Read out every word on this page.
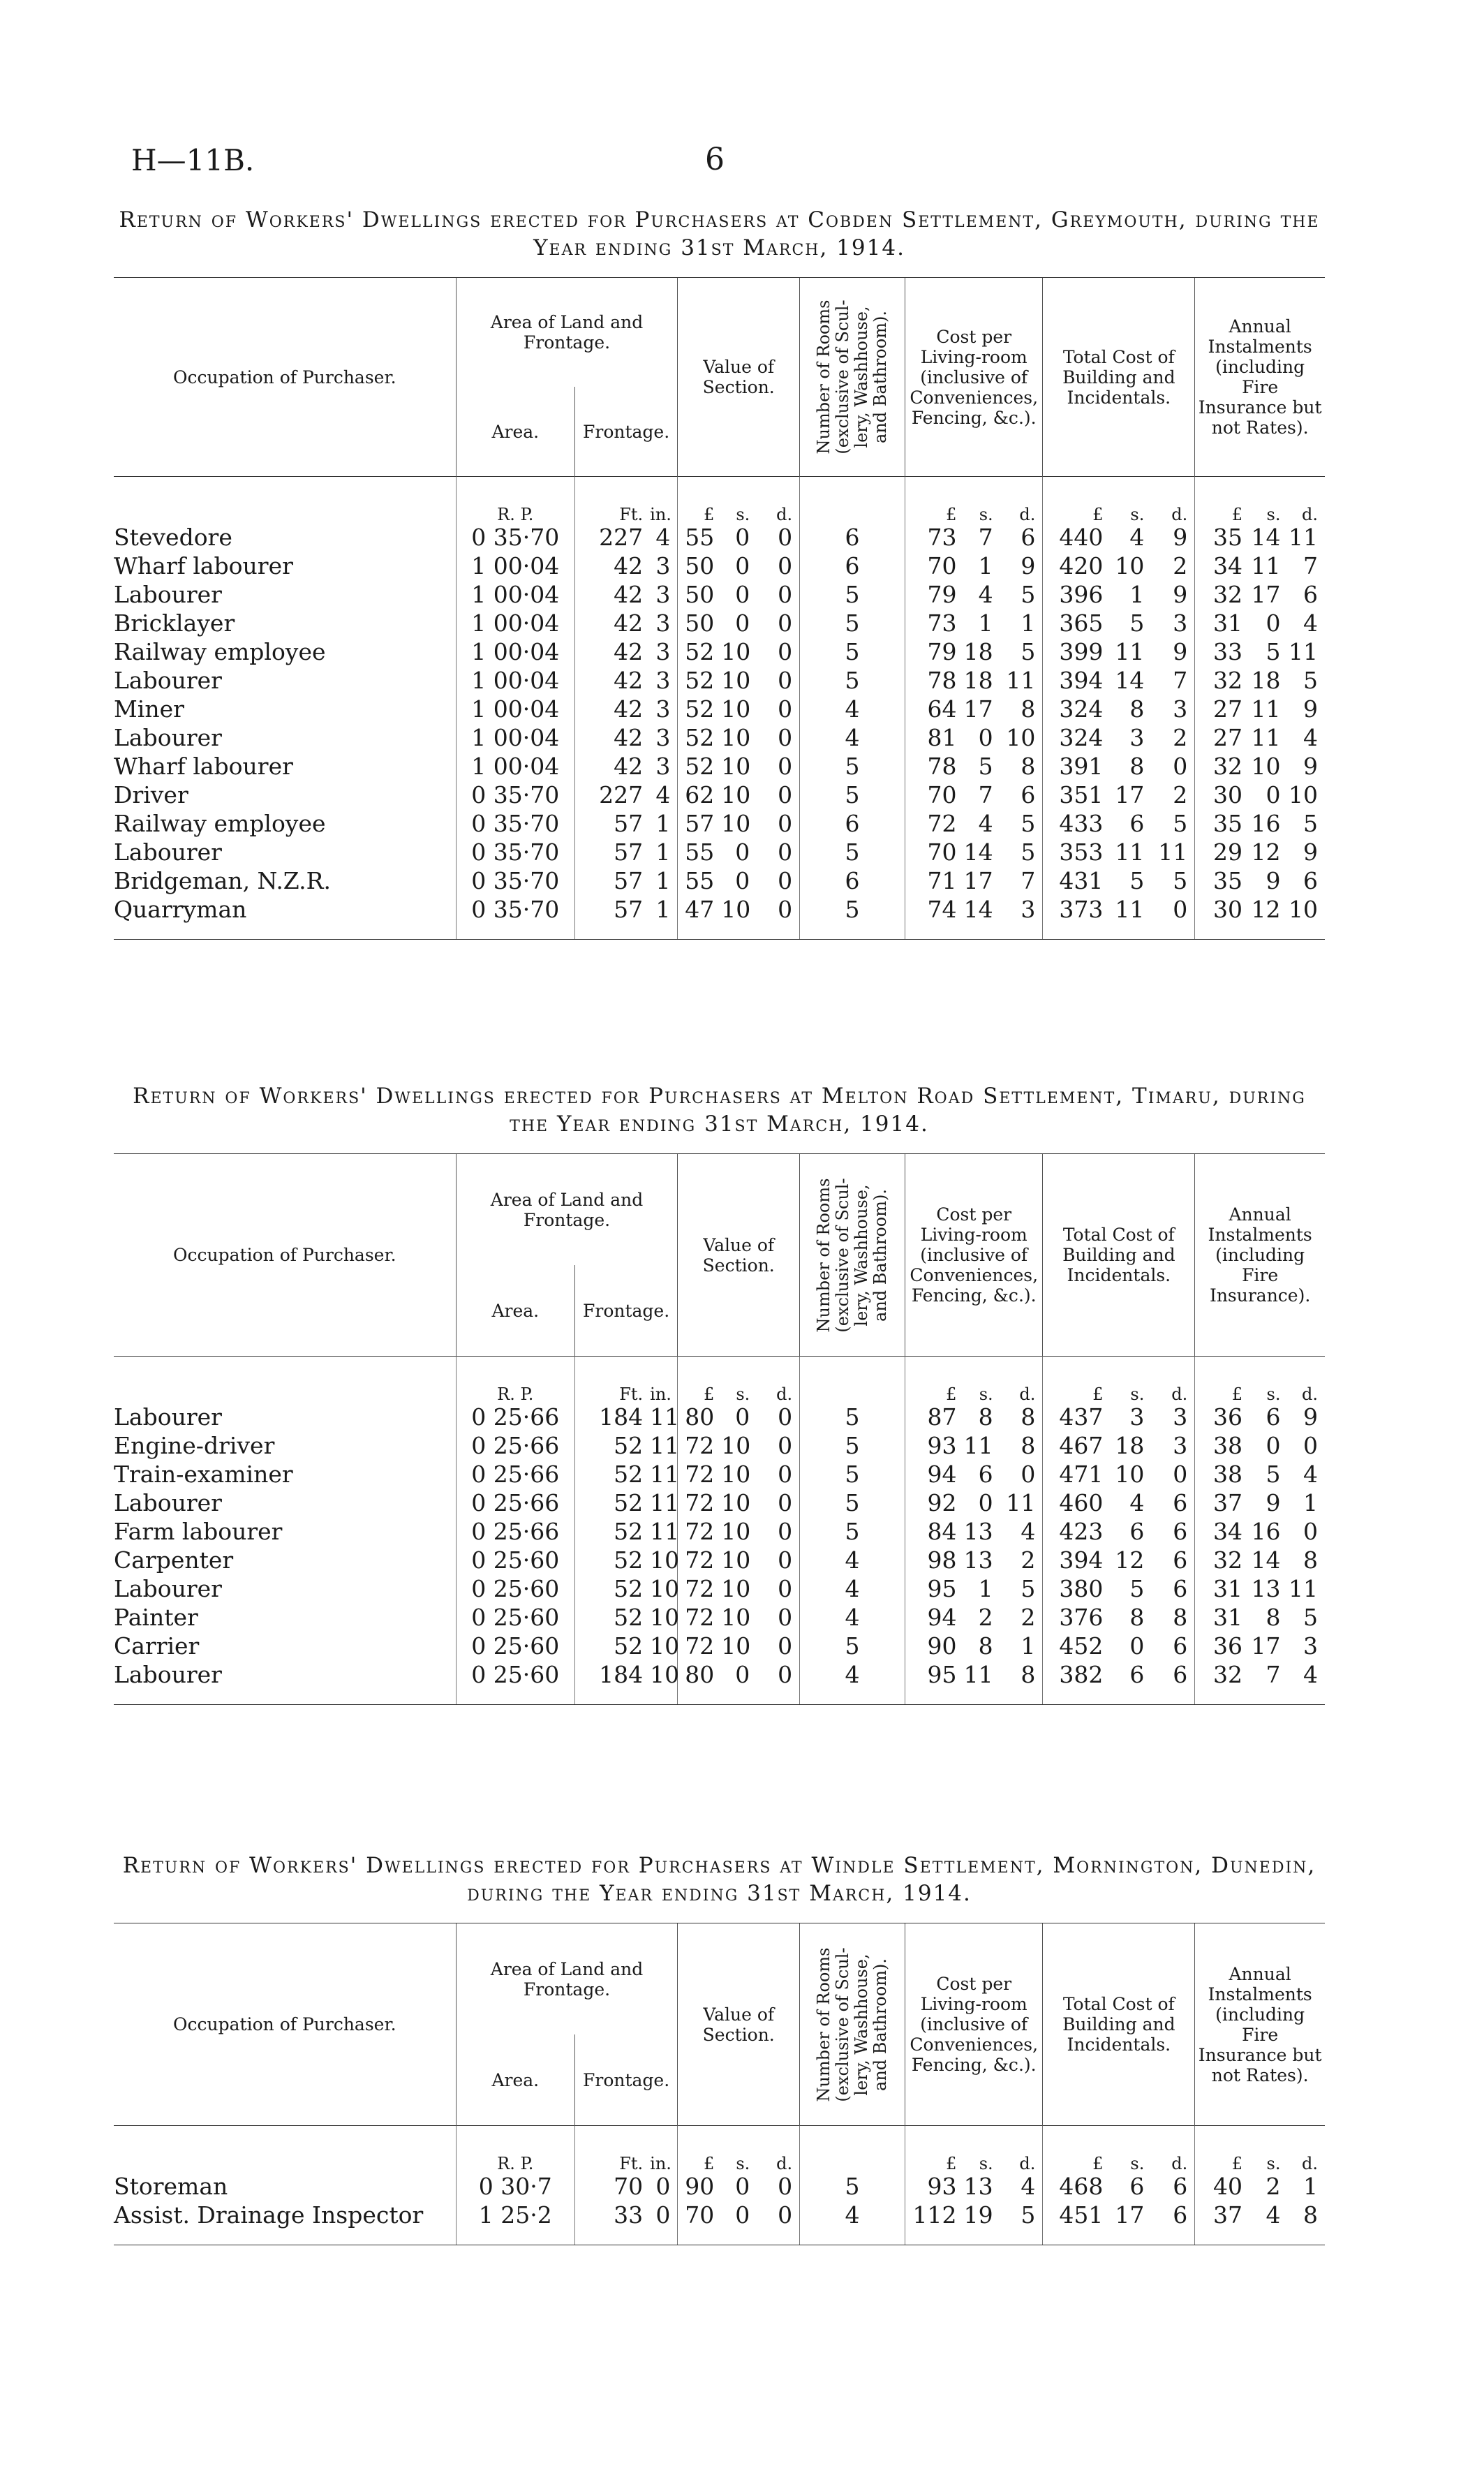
H—11B.	6
Return of Workers' Dwellings erected for Purchasers at Cobden Settlement, Greymouth, during the Year ending 31st March, 1914.
Occupation of Purchaser.	Area of Land and Frontage.			Value of Section.			Number of Rooms (exclusive of Scul- lery, Washhouse, and Bathroom).	Cost per Living-room (inclusive of Conveniences, Fencing, &c.).			Total Cost of Building and Incidentals.			Annual Instalments (including Fire Insurance but not Rates).		
	Area.	Frontage.														
	R. P.	Ft.	in.	£	s.	d.		£	s.	d.	£	s.	d.	£	s.	d.
Stevedore	0 35·70	227	4	55	0	0	6	73	7	6	440	4	9	35	14	11
Wharf labourer	1 00·04	42	3	50	0	0	6	70	1	9	420	10	2	34	11	7
Labourer	1 00·04	42	3	50	0	0	5	79	4	5	396	1	9	32	17	6
Bricklayer	1 00·04	42	3	50	0	0	5	73	1	1	365	5	3	31	0	4
Railway employee	1 00·04	42	3	52	10	0	5	79	18	5	399	11	9	33	5	11
Labourer	1 00·04	42	3	52	10	0	5	78	18	11	394	14	7	32	18	5
Miner	1 00·04	42	3	52	10	0	4	64	17	8	324	8	3	27	11	9
Labourer	1 00·04	42	3	52	10	0	4	81	0	10	324	3	2	27	11	4
Wharf labourer	1 00·04	42	3	52	10	0	5	78	5	8	391	8	0	32	10	9
Driver	0 35·70	227	4	62	10	0	5	70	7	6	351	17	2	30	0	10
Railway employee	0 35·70	57	1	57	10	0	6	72	4	5	433	6	5	35	16	5
Labourer	0 35·70	57	1	55	0	0	5	70	14	5	353	11	11	29	12	9
Bridgeman, N.Z.R.	0 35·70	57	1	55	0	0	6	71	17	7	431	5	5	35	9	6
Quarryman	0 35·70	57	1	47	10	0	5	74	14	3	373	11	0	30	12	10
Return of Workers' Dwellings erected for Purchasers at Melton Road Settlement, Timaru, during the Year ending 31st March, 1914.
Occupation of Purchaser.	Area of Land and Frontage.			Value of Section.			Number of Rooms (exclusive of Scul- lery, Washhouse, and Bathroom).	Cost per Living-room (inclusive of Conveniences, Fencing, &c.).			Total Cost of Building and Incidentals.			Annual Instalments (including Fire Insurance).		
	Area.	Frontage.														
	R. P.	Ft.	in.	£	s.	d.		£	s.	d.	£	s.	d.	£	s.	d.
Labourer	0 25·66	184	11	80	0	0	5	87	8	8	437	3	3	36	6	9
Engine-driver	0 25·66	52	11	72	10	0	5	93	11	8	467	18	3	38	0	0
Train-examiner	0 25·66	52	11	72	10	0	5	94	6	0	471	10	0	38	5	4
Labourer	0 25·66	52	11	72	10	0	5	92	0	11	460	4	6	37	9	1
Farm labourer	0 25·66	52	11	72	10	0	5	84	13	4	423	6	6	34	16	0
Carpenter	0 25·60	52	10	72	10	0	4	98	13	2	394	12	6	32	14	8
Labourer	0 25·60	52	10	72	10	0	4	95	1	5	380	5	6	31	13	11
Painter	0 25·60	52	10	72	10	0	4	94	2	2	376	8	8	31	8	5
Carrier	0 25·60	52	10	72	10	0	5	90	8	1	452	0	6	36	17	3
Labourer	0 25·60	184	10	80	0	0	4	95	11	8	382	6	6	32	7	4
Return of Workers' Dwellings erected for Purchasers at Windle Settlement, Mornington, Dunedin, during the Year ending 31st March, 1914.
Occupation of Purchaser.	Area of Land and Frontage.			Value of Section.			Number of Rooms (exclusive of Scul- lery, Washhouse, and Bathroom).	Cost per Living-room (inclusive of Conveniences, Fencing, &c.).			Total Cost of Building and Incidentals.			Annual Instalments (including Fire Insurance but not Rates).		
	Area.	Frontage.														
	R. P.	Ft.	in.	£	s.	d.		£	s.	d.	£	s.	d.	£	s.	d.
Storeman	0 30·7	70	0	90	0	0	5	93	13	4	468	6	6	40	2	1
Assist. Drainage Inspector	1 25·2	33	0	70	0	0	4	112	19	5	451	17	6	37	4	8
